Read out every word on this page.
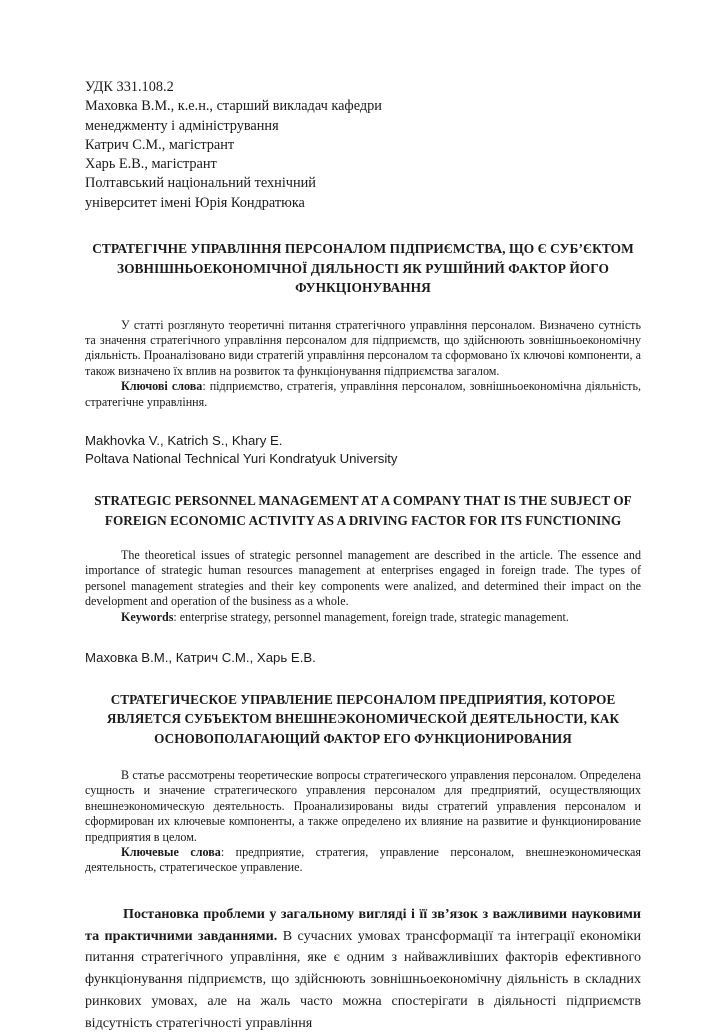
УДК 331.108.2
Маховка В.М., к.е.н., старший викладач кафедри
менеджменту і адміністрування
Катрич С.М., магістрант
Харь Е.В., магістрант
Полтавський національний технічний
університет імені Юрія Кондратюка
СТРАТЕГІЧНЕ УПРАВЛІННЯ ПЕРСОНАЛОМ ПІДПРИЄМСТВА, ЩО Є СУБ’ЄКТОМ ЗОВНІШНЬОЕКОНОМІЧНОЇ ДІЯЛЬНОСТІ ЯК РУШІЙНИЙ ФАКТОР ЙОГО ФУНКЦІОНУВАННЯ

У статті розглянуто теоретичні питання стратегічного управління персоналом. Визначено сутність та значення стратегічного управління персоналом для підприємств, що здійснюють зовнішньоекономічну діяльність. Проаналізовано види стратегій управління персоналом та сформовано їх ключові компоненти, а також визначено їх вплив на розвиток та функціонування підприємства загалом.

Ключові слова: підприємство, стратегія, управління персоналом, зовнішньоекономічна діяльність, стратегічне управління.

Makhovka V., Katrich S., Khary E.
Poltava National Technical Yuri Kondratyuk University
STRATEGIC PERSONNEL MANAGEMENT AT A COMPANY THAT IS THE SUBJECT OF FOREIGN ECONOMIC ACTIVITY AS A DRIVING FACTOR FOR ITS FUNCTIONING

The theoretical issues of strategic personnel management are described in the article. The essence and importance of strategic human resources management at enterprises engaged in foreign trade. The types of personel management strategies and their key components were analized, and determined their impact on the development and operation of the business as a whole.

Keywords: enterprise strategy, personnel management, foreign trade, strategic management.

Маховка В.М., Катрич С.М., Харь Е.В.
СТРАТЕГИЧЕСКОЕ УПРАВЛЕНИЕ ПЕРСОНАЛОМ ПРЕДПРИЯТИЯ, КОТОРОЕ ЯВЛЯЕТСЯ СУБЪЕКТОМ ВНЕШНЕЭКОНОМИЧЕСКОЙ ДЕЯТЕЛЬНОСТИ, КАК ОСНОВОПОЛАГАЮЩИЙ ФАКТОР ЕГО ФУНКЦИОНИРОВАНИЯ

В статье рассмотрены теоретические вопросы стратегического управления персоналом. Определена сущность и значение стратегического управления персоналом для предприятий, осуществляющих внешнеэкономическую деятельность. Проанализированы виды стратегий управления персоналом и сформирован их ключевые компоненты, а также определено их влияние на развитие и функционирование предприятия в целом.

Ключевые слова: предприятие, стратегия, управление персоналом, внешнеэкономическая деятельность, стратегическое управление.

Постановка проблеми у загальному вигляді і її зв’язок з важливими науковими та практичними завданнями. В сучасних умовах трансформації та інтеграції економіки питання стратегічного управління, яке є одним з найважливіших факторів ефективного функціонування підприємств, що здійснюють зовнішньоекономічну діяльність в складних ринкових умовах, але на жаль часто можна спостерігати в діяльності підприємств відсутність стратегічності управління
